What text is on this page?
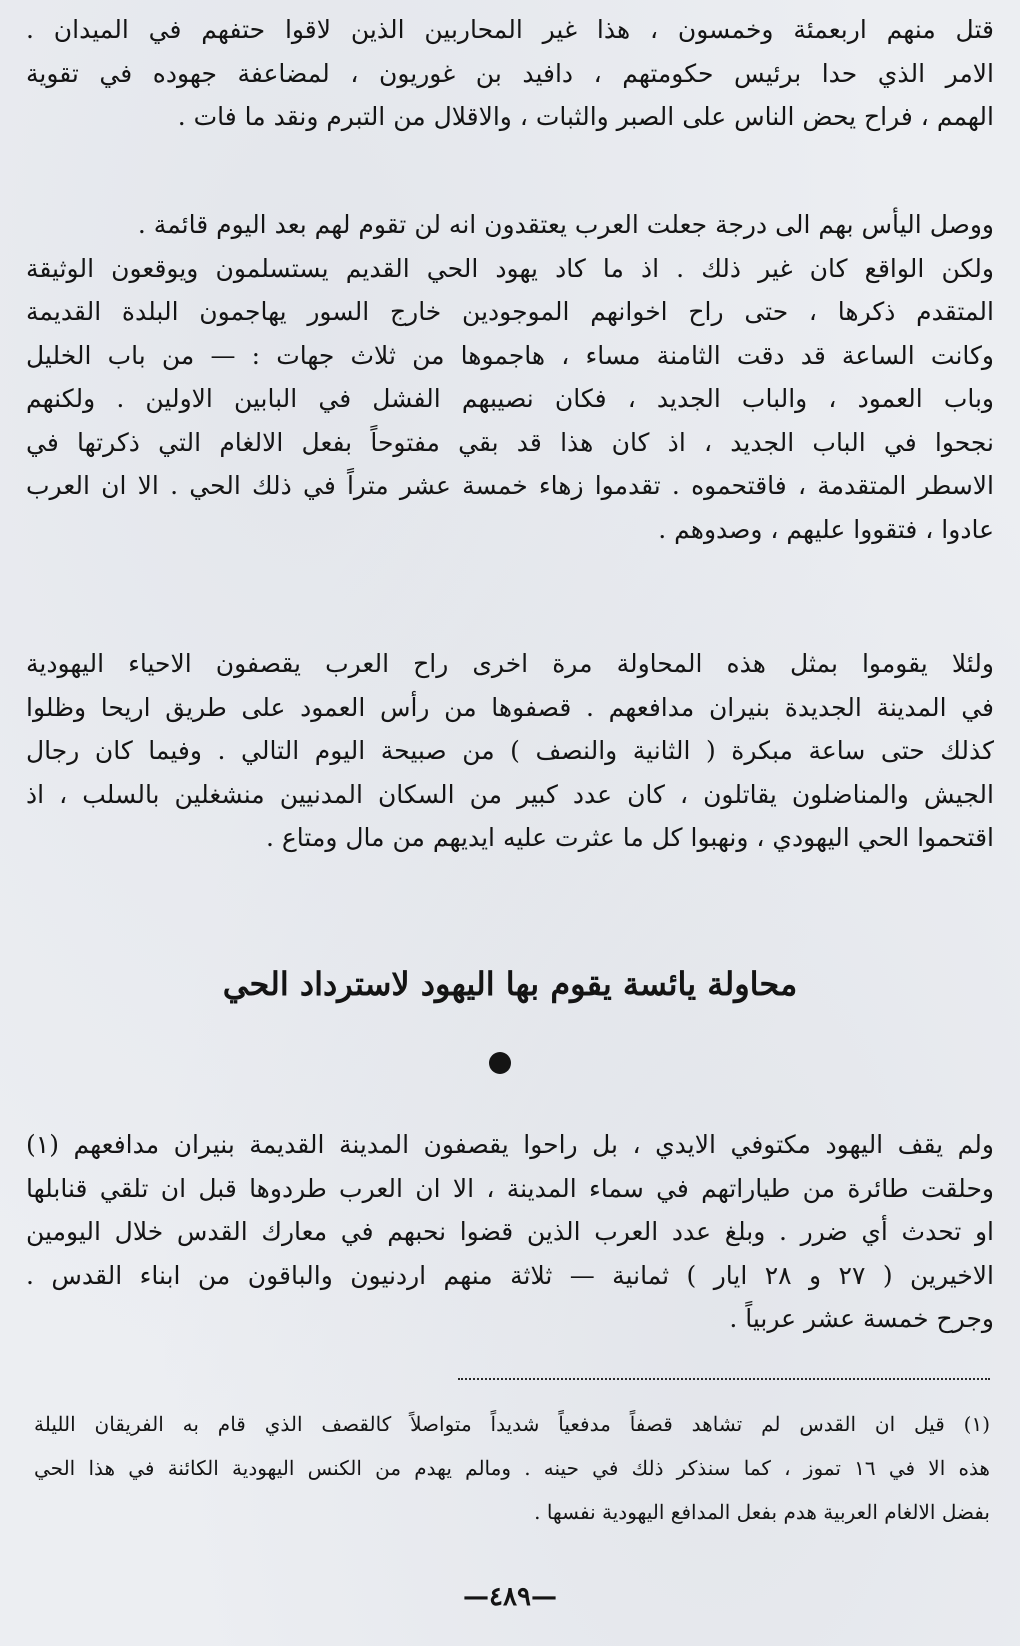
قتل منهم اربعمئة وخمسون ، هذا غير المحاربين الذين لاقوا حتفهم في الميدان .
الامر الذي حدا برئيس حكومتهم ، دافيد بن غوريون ، لمضاعفة جهوده في تقوية
الهمم ، فراح يحض الناس على الصبر والثبات ، والاقلال من التبرم ونقد ما فات .
ووصل اليأس بهم الى درجة جعلت العرب يعتقدون انه لن تقوم لهم بعد اليوم قائمة .
ولكن الواقع كان غير ذلك . اذ ما كاد يهود الحي القديم يستسلمون ويوقعون الوثيقة
المتقدم ذكرها ، حتى راح اخوانهم الموجودين خارج السور يهاجمون البلدة القديمة
وكانت الساعة قد دقت الثامنة مساء ، هاجموها من ثلاث جهات : — من باب الخليل
وباب العمود ، والباب الجديد ، فكان نصيبهم الفشل في البابين الاولين . ولكنهم
نجحوا في الباب الجديد ، اذ كان هذا قد بقي مفتوحاً بفعل الالغام التي ذكرتها في
الاسطر المتقدمة ، فاقتحموه . تقدموا زهاء خمسة عشر متراً في ذلك الحي . الا ان العرب
عادوا ، فتقووا عليهم ، وصدوهم .
ولئلا يقوموا بمثل هذه المحاولة مرة اخرى راح العرب يقصفون الاحياء اليهودية
في المدينة الجديدة بنيران مدافعهم . قصفوها من رأس العمود على طريق اريحا وظلوا
كذلك حتى ساعة مبكرة ( الثانية والنصف ) من صبيحة اليوم التالي . وفيما كان رجال
الجيش والمناضلون يقاتلون ، كان عدد كبير من السكان المدنيين منشغلين بالسلب ، اذ
اقتحموا الحي اليهودي ، ونهبوا كل ما عثرت عليه ايديهم من مال ومتاع .
محاولة يائسة يقوم بها اليهود لاسترداد الحي
ولم يقف اليهود مكتوفي الايدي ، بل راحوا يقصفون المدينة القديمة بنيران مدافعهم (١)
وحلقت طائرة من طياراتهم في سماء المدينة ، الا ان العرب طردوها قبل ان تلقي قنابلها
او تحدث أي ضرر . وبلغ عدد العرب الذين قضوا نحبهم في معارك القدس خلال اليومين
الاخيرين ( ٢٧ و ٢٨ ايار ) ثمانية — ثلاثة منهم اردنيون والباقون من ابناء القدس .
وجرح خمسة عشر عربياً .
(١) قيل ان القدس لم تشاهد قصفاً مدفعياً شديداً متواصلاً كالقصف الذي قام به الفريقان الليلة
هذه الا في ١٦ تموز ، كما سنذكر ذلك في حينه . ومالم يهدم من الكنس اليهودية الكائنة في هذا الحي
بفضل الالغام العربية هدم بفعل المدافع اليهودية نفسها .
—٤٨٩—
